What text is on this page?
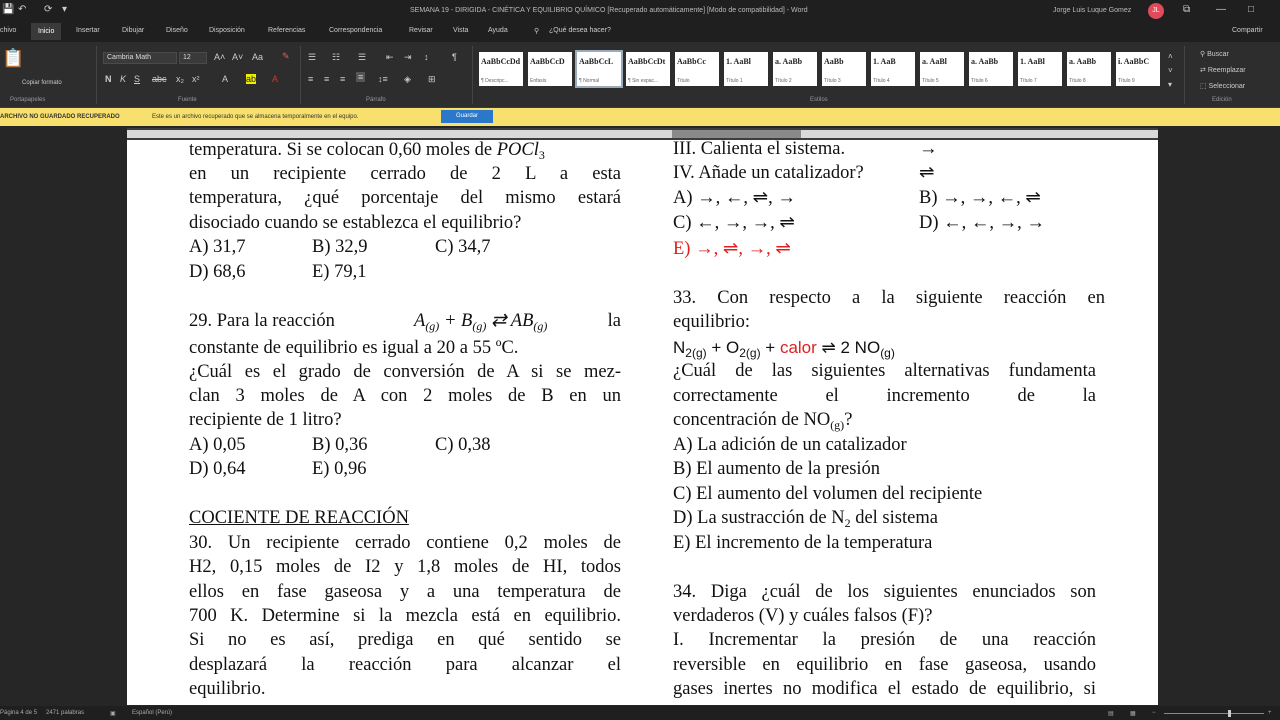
💾 ↶ ⟳ ▾	SEMANA 19 - DIRIGIDA - CINÉTICA Y EQUILIBRIO QUÍMICO [Recuperado automáticamente] [Modo de compatibilidad] - Word	Jorge Luis Luque Gomez	JL	⧉	— □
chivo	Inicio	Insertar	Dibujar	Diseño	Disposición	Referencias	Correspondencia	Revisar	Vista	Ayuda	⚲ ¿Qué desea hacer?	Compartir
📋
Copiar formato
Portapapeles
Cambria Math	12	A˄ A˅ Aa ✎
N K S abc x₂ x²	A ab A
Fuente
☰ ☷ ☰ ⇤ ⇥ ↕	¶
≡ ≡ ≡ ≡ ↕≡ ◈ ⊞
Párrafo
˄
˅
▾
Estilos
⚲ Buscar
⇄ Reemplazar
⬚ Seleccionar
Edición
AaBbCcDd
¶ Descripc...
AaBbCcD
Énfasis
AaBbCcL
¶ Normal
AaBbCcDt
¶ Sin espac...
AaBbCc
Título
1. AaBl
Título 1
a. AaBb
Título 2
AaBb
Título 3
1. AaB
Título 4
a. AaBl
Título 5
a. AaBb
Título 6
1. AaBl
Título 7
a. AaBb
Título 8
i. AaBbC
Título 9
ARCHIVO NO GUARDADO RECUPERADO	Este es un archivo recuperado que se almacena temporalmente en el equipo.	Guardar
temperatura. Si se colocan 0,60 moles de POCl$_3$
en un recipiente cerrado de 2 L a esta
temperatura, ¿qué porcentaje del mismo estará
disociado cuando se establezca el equilibrio?
A) 31,7	B) 32,9	C) 34,7
D) 68,6	E) 79,1
29. Para la reacción	$A_{(g)} + B_{(g)}$ ⇄ $AB_{(g)}$	la
constante de equilibrio es igual a 20 a 55 ºC.
¿Cuál es el grado de conversión de A si se mez-
clan 3 moles de A con 2 moles de B en un
recipiente de 1 litro?
A) 0,05	B) 0,36	C) 0,38
D) 0,64	E) 0,96
COCIENTE DE REACCIÓN
30. Un recipiente cerrado contiene 0,2 moles de
H2, 0,15 moles de I2 y 1,8 moles de HI, todos
ellos en fase gaseosa y a una temperatura de
700 K. Determine si la mezcla está en equilibrio.
Si no es así, prediga en qué sentido se
desplazará la reacción para alcanzar el
equilibrio.
III. Calienta el sistema.	→
IV. Añade un catalizador?	⇌
A) →, ←, ⇌, →	B) →, →, ←, ⇌
C) ←, →, →, ⇌	D) ←, ←, →, →
E) →, ⇌, →, ⇌
33. Con respecto a la siguiente reacción en
equilibrio:
$N_{2(g)} + O_{2(g)}$ + calor ⇌ 2 $NO_{(g)}$
¿Cuál de las siguientes alternativas fundamenta
correctamente el incremento de la
concentración de $NO_{(g)}$?
A) La adición de un catalizador
B) El aumento de la presión
C) El aumento del volumen del recipiente
D) La sustracción de $N_2$ del sistema
E) El incremento de la temperatura
34. Diga ¿cuál de los siguientes enunciados son
verdaderos (V) y cuáles falsos (F)?
I. Incrementar la presión de una reacción
reversible en equilibrio en fase gaseosa, usando
gases inertes no modifica el estado de equilibrio, si
Página 4 de 5 2471 palabras	▣	Español (Perú)	▤	▦	−	+
